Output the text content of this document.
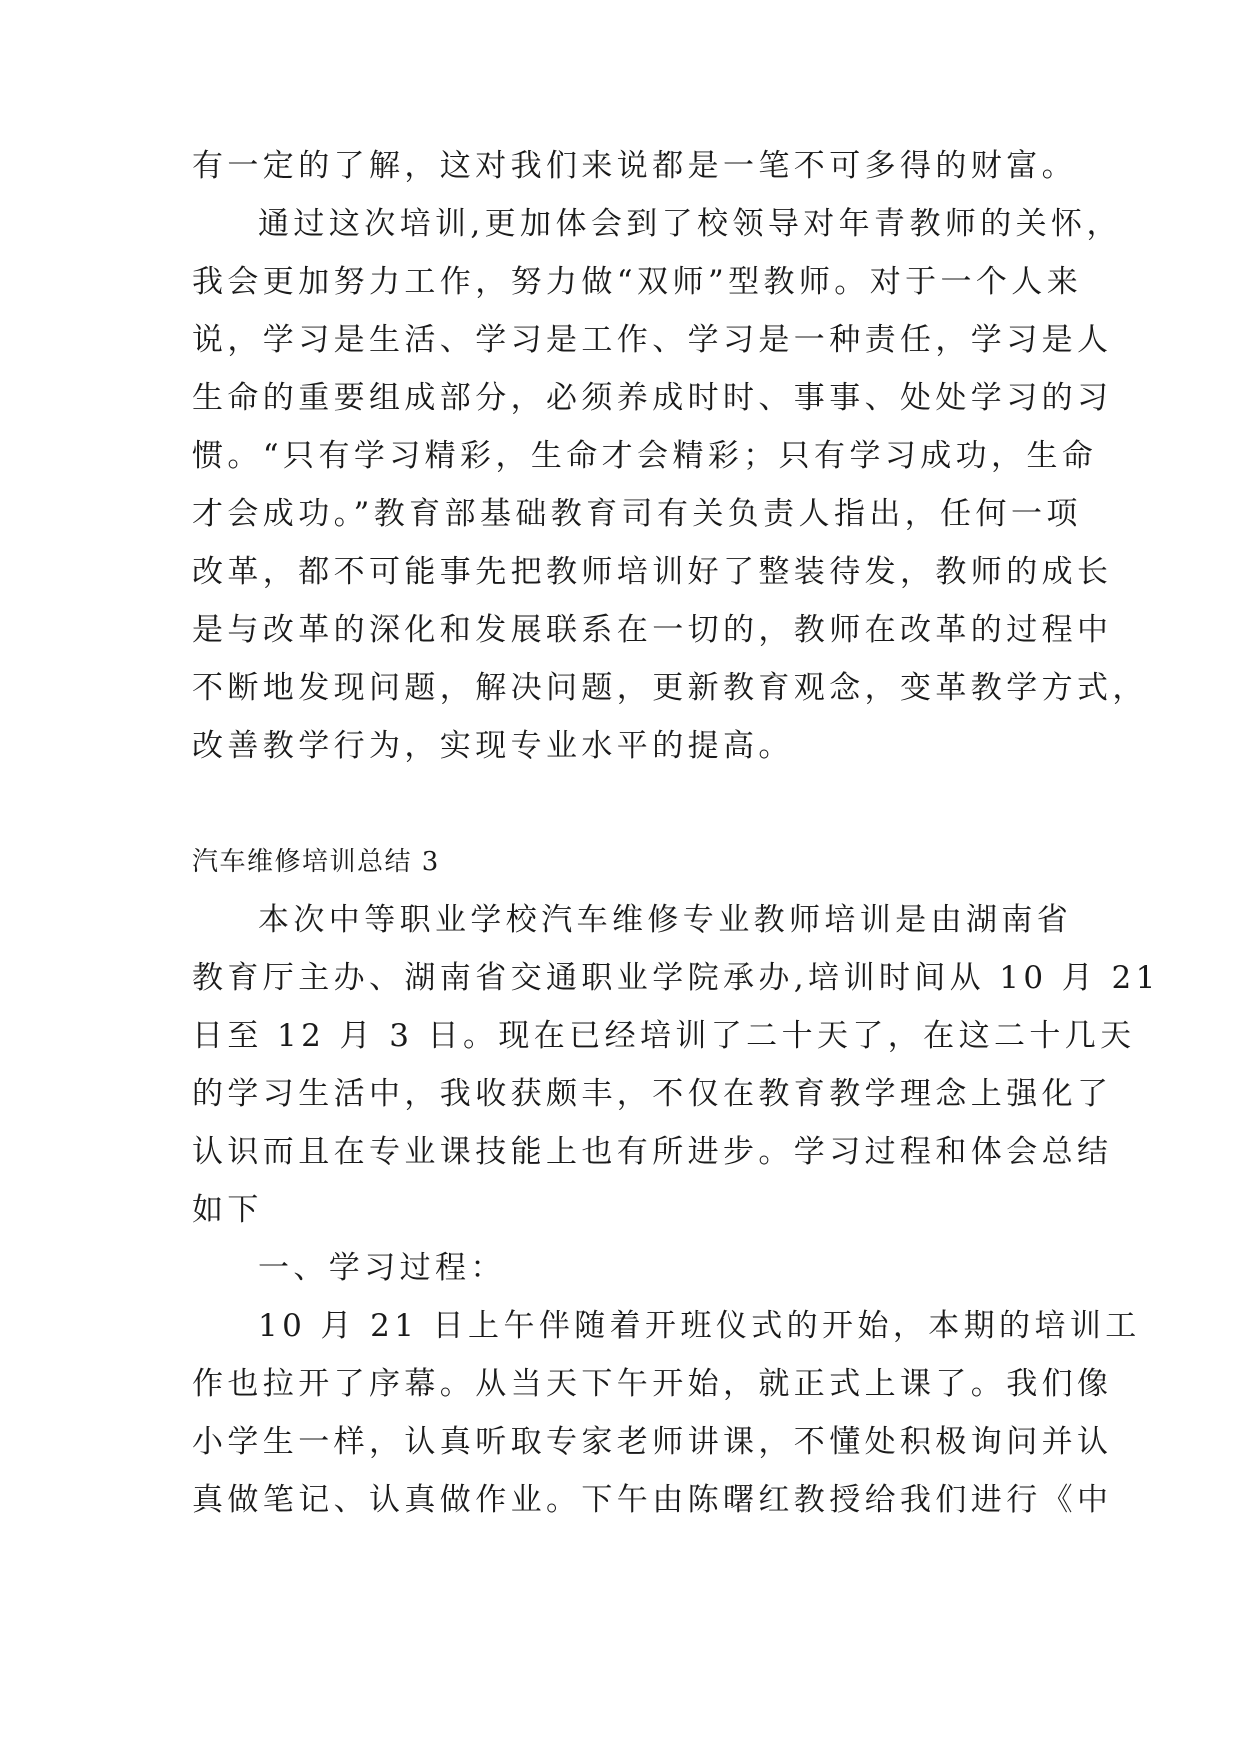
有一定的了解，这对我们来说都是一笔不可多得的财富。

通过这次培训,更加体会到了校领导对年青教师的关怀，

我会更加努力工作，努力做“双师”型教师。对于一个人来

说，学习是生活、学习是工作、学习是一种责任，学习是人

生命的重要组成部分，必须养成时时、事事、处处学习的习

惯。“只有学习精彩，生命才会精彩；只有学习成功，生命

才会成功。”教育部基础教育司有关负责人指出，任何一项

改革，都不可能事先把教师培训好了整装待发，教师的成长

是与改革的深化和发展联系在一切的，教师在改革的过程中

不断地发现问题，解决问题，更新教育观念，变革教学方式，

改善教学行为，实现专业水平的提高。

汽车维修培训总结 3

本次中等职业学校汽车维修专业教师培训是由湖南省

教育厅主办、湖南省交通职业学院承办,培训时间从 10 月 21

日至 12 月 3 日。现在已经培训了二十天了，在这二十几天

的学习生活中，我收获颇丰，不仅在教育教学理念上强化了

认识而且在专业课技能上也有所进步。学习过程和体会总结

如下

一、学习过程：

10 月 21 日上午伴随着开班仪式的开始，本期的培训工

作也拉开了序幕。从当天下午开始，就正式上课了。我们像

小学生一样，认真听取专家老师讲课，不懂处积极询问并认

真做笔记、认真做作业。下午由陈曙红教授给我们进行《中
